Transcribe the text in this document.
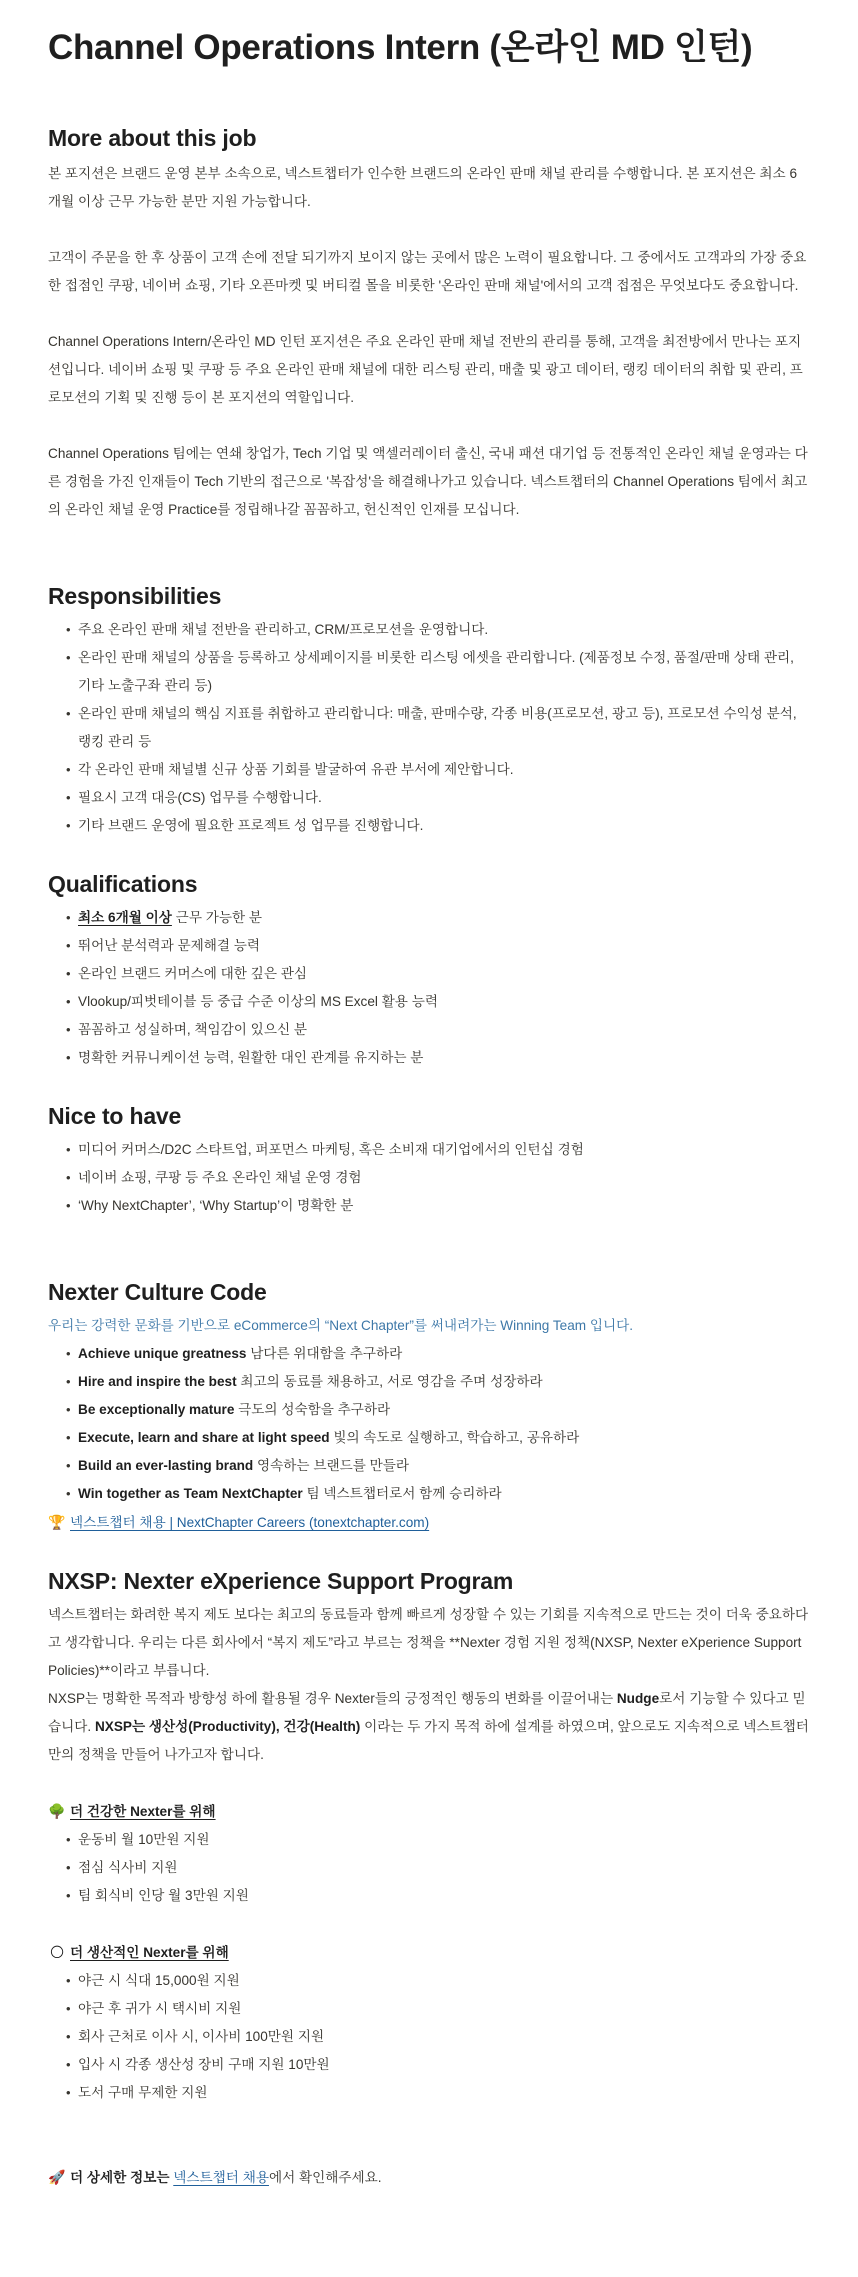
Channel Operations Intern (온라인 MD 인턴)
More about this job

본 포지션은 브랜드 운영 본부 소속으로, 넥스트챕터가 인수한 브랜드의 온라인 판매 채널 관리를 수행합니다. 본 포지션은 최소 6개월 이상 근무 가능한 분만 지원 가능합니다.

고객이 주문을 한 후 상품이 고객 손에 전달 되기까지 보이지 않는 곳에서 많은 노력이 필요합니다. 그 중에서도 고객과의 가장 중요한 접점인 쿠팡, 네이버 쇼핑, 기타 오픈마켓 및 버티컬 몰을 비롯한 '온라인 판매 채널'에서의 고객 접점은 무엇보다도 중요합니다.

Channel Operations Intern/온라인 MD 인턴 포지션은 주요 온라인 판매 채널 전반의 관리를 통해, 고객을 최전방에서 만나는 포지션입니다. 네이버 쇼핑 및 쿠팡 등 주요 온라인 판매 채널에 대한 리스팅 관리, 매출 및 광고 데이터, 랭킹 데이터의 취합 및 관리, 프로모션의 기획 및 진행 등이 본 포지션의 역할입니다.

Channel Operations 팀에는 연쇄 창업가, Tech 기업 및 액셀러레이터 출신, 국내 패션 대기업 등 전통적인 온라인 채널 운영과는 다른 경험을 가진 인재들이 Tech 기반의 접근으로 '복잡성'을 해결해나가고 있습니다. 넥스트챕터의 Channel Operations 팀에서 최고의 온라인 채널 운영 Practice를 정립해나갈 꼼꼼하고, 헌신적인 인재를 모십니다.

Responsibilities
• 주요 온라인 판매 채널 전반을 관리하고, CRM/프로모션을 운영합니다.
• 온라인 판매 채널의 상품을 등록하고 상세페이지를 비롯한 리스팅 에셋을 관리합니다. (제품정보 수정, 품절/판매 상태 관리, 기타 노출구좌 관리 등)
• 온라인 판매 채널의 핵심 지표를 취합하고 관리합니다: 매출, 판매수량, 각종 비용(프로모션, 광고 등), 프로모션 수익성 분석, 랭킹 관리 등
• 각 온라인 판매 채널별 신규 상품 기회를 발굴하여 유관 부서에 제안합니다.
• 필요시 고객 대응(CS) 업무를 수행합니다.
• 기타 브랜드 운영에 필요한 프로젝트 성 업무를 진행합니다.
Qualifications
• 최소 6개월 이상 근무 가능한 분
• 뛰어난 분석력과 문제해결 능력
• 온라인 브랜드 커머스에 대한 깊은 관심
• Vlookup/피벗테이블 등 중급 수준 이상의 MS Excel 활용 능력
• 꼼꼼하고 성실하며, 책임감이 있으신 분
• 명확한 커뮤니케이션 능력, 원활한 대인 관계를 유지하는 분
Nice to have
• 미디어 커머스/D2C 스타트업, 퍼포먼스 마케팅, 혹은 소비재 대기업에서의 인턴십 경험
• 네이버 쇼핑, 쿠팡 등 주요 온라인 채널 운영 경험
• ‘Why NextChapter’, ‘Why Startup’이 명확한 분
Nexter Culture Code

우리는 강력한 문화를 기반으로 eCommerce의 “Next Chapter”를 써내려가는 Winning Team 입니다.

• Achieve unique greatness 남다른 위대함을 추구하라
• Hire and inspire the best 최고의 동료를 채용하고, 서로 영감을 주며 성장하라
• Be exceptionally mature 극도의 성숙함을 추구하라
• Execute, learn and share at light speed 빛의 속도로 실행하고, 학습하고, 공유하라
• Build an ever-lasting brand 영속하는 브랜드를 만들라
• Win together as Team NextChapter 팀 넥스트챕터로서 함께 승리하라

🏆 넥스트챕터 채용 | NextChapter Careers (tonextchapter.com)

NXSP: Nexter eXperience Support Program

넥스트챕터는 화려한 복지 제도 보다는 최고의 동료들과 함께 빠르게 성장할 수 있는 기회를 지속적으로 만드는 것이 더욱 중요하다고 생각합니다. 우리는 다른 회사에서 “복지 제도”라고 부르는 정책을 **Nexter 경험 지원 정책(NXSP, Nexter eXperience Support Policies)**이라고 부릅니다.

NXSP는 명확한 목적과 방향성 하에 활용될 경우 Nexter들의 긍정적인 행동의 변화를 이끌어내는 Nudge로서 기능할 수 있다고 믿습니다. NXSP는 생산성(Productivity), 건강(Health) 이라는 두 가지 목적 하에 설계를 하였으며, 앞으로도 지속적으로 넥스트챕터만의 정책을 만들어 나가고자 합니다.

🌳 더 건강한 Nexter를 위해
• 운동비 월 10만원 지원
• 점심 식사비 지원
• 팀 회식비 인당 월 3만원 지원
🌕 더 생산적인 Nexter를 위해
• 야근 시 식대 15,000원 지원
• 야근 후 귀가 시 택시비 지원
• 회사 근처로 이사 시, 이사비 100만원 지원
• 입사 시 각종 생산성 장비 구매 지원 10만원
• 도서 구매 무제한 지원

🚀 더 상세한 정보는 넥스트챕터 채용에서 확인해주세요.
